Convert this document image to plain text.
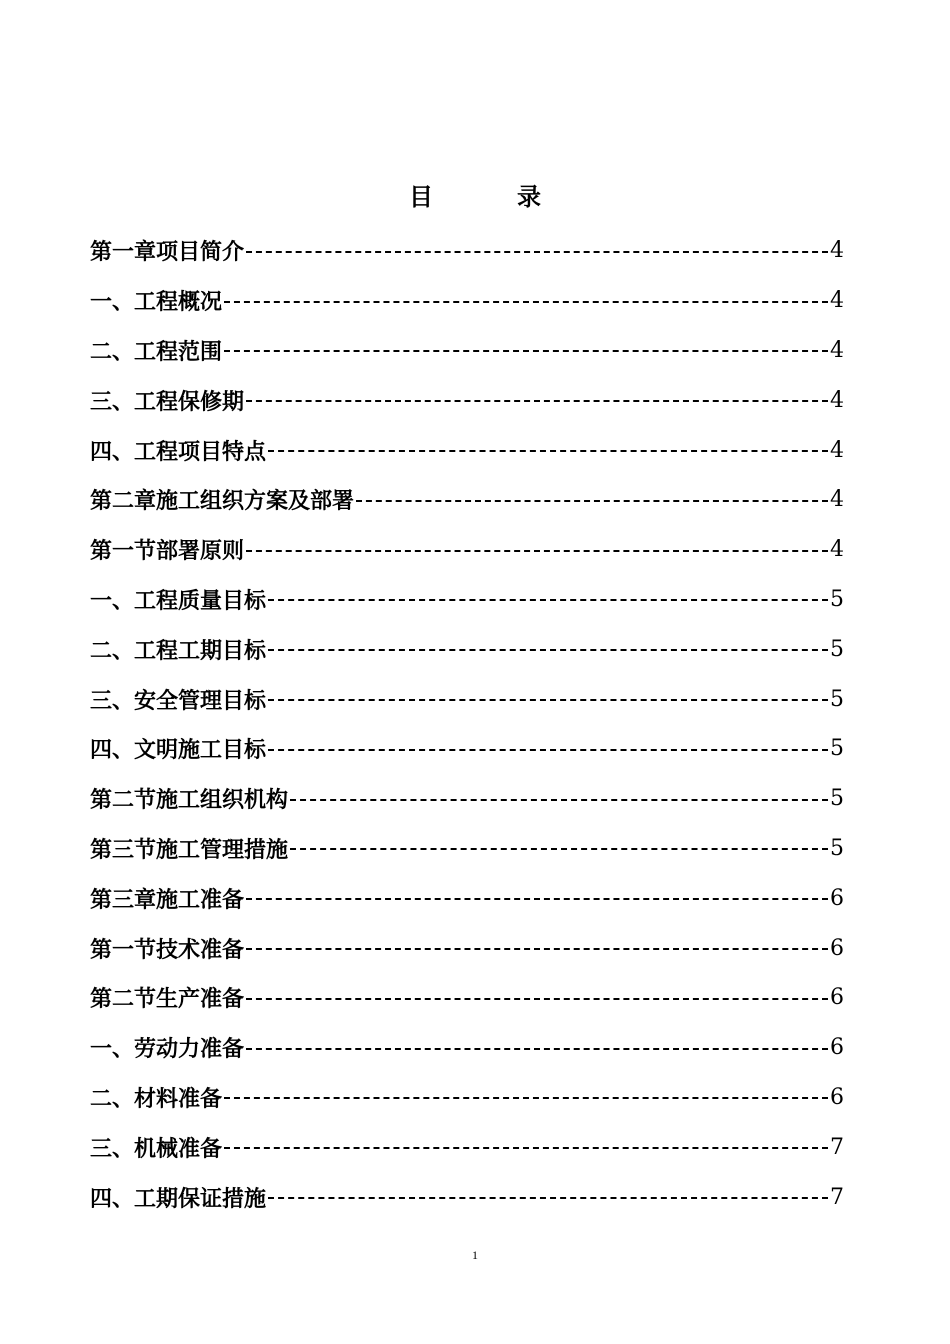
目　录
第一章项目简介	4
一、工程概况	4
二、工程范围	4
三、工程保修期	4
四、工程项目特点	4
第二章施工组织方案及部署	4
第一节部署原则	4
一、工程质量目标	5
二、工程工期目标	5
三、安全管理目标	5
四、文明施工目标	5
第二节施工组织机构	5
第三节施工管理措施	5
第三章施工准备	6
第一节技术准备	6
第二节生产准备	6
一、劳动力准备	6
二、材料准备	6
三、机械准备	7
四、工期保证措施	7
1
